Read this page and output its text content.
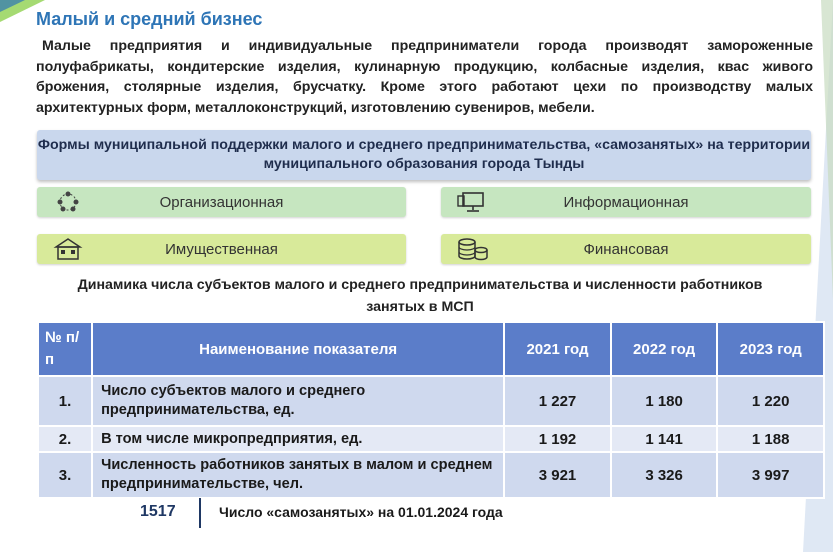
Малый и средний бизнес
Малые предприятия и индивидуальные предприниматели города производят замороженные полуфабрикаты, кондитерские изделия, кулинарную продукцию, колбасные изделия, квас живого брожения, столярные изделия, брусчатку. Кроме этого работают цехи по производству малых архитектурных форм, металлоконструкций, изготовлению сувениров, мебели.
Формы муниципальной поддержки малого и среднего предпринимательства, «самозанятых» на территории муниципального образования города Тынды
Организационная	Информационная
Имущественная	Финансовая
Динамика числа субъектов малого и среднего предпринимательства и численности работников занятых в МСП
№ п/п	Наименование показателя	2021 год	2022 год	2023 год
1.	Число субъектов малого и среднего предпринимательства, ед.	1 227	1 180	1 220
2.	В том числе микропредприятия, ед.	1 192	1 141	1 188
3.	Численность работников занятых в малом и среднем предпринимательстве, чел.	3 921	3 326	3 997
1517	Число «самозанятых» на 01.01.2024 года
